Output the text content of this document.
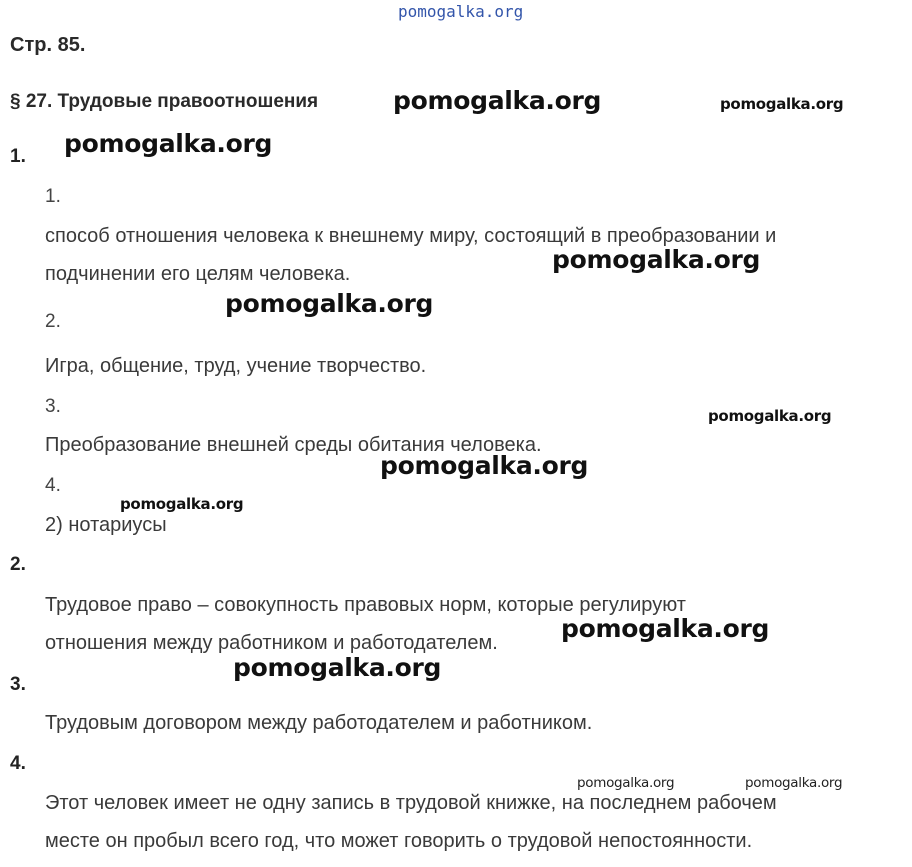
pomogalka.org
Стр. 85.
§ 27. Трудовые правоотношения	pomogalka.org	pomogalka.org
1. pomogalka.org
1.
способ отношения человека к внешнему миру, состоящий в преобразовании и
подчинении его целям человека.	pomogalka.org
2.
pomogalka.org
Игра, общение, труд, учение творчество.
3.	pomogalka.org
Преобразование внешней среды обитания человека.
pomogalka.org
4.
pomogalka.org
2) нотариусы
2.
Трудовое право – совокупность правовых норм, которые регулируют
отношения между работником и работодателем.	pomogalka.org
pomogalka.org
3.
Трудовым договором между работодателем и работником.
4.
pomogalka.org	pomogalka.org
Этот человек имеет не одну запись в трудовой книжке, на последнем рабочем
месте он пробыл всего год, что может говорить о трудовой непостоянности.
